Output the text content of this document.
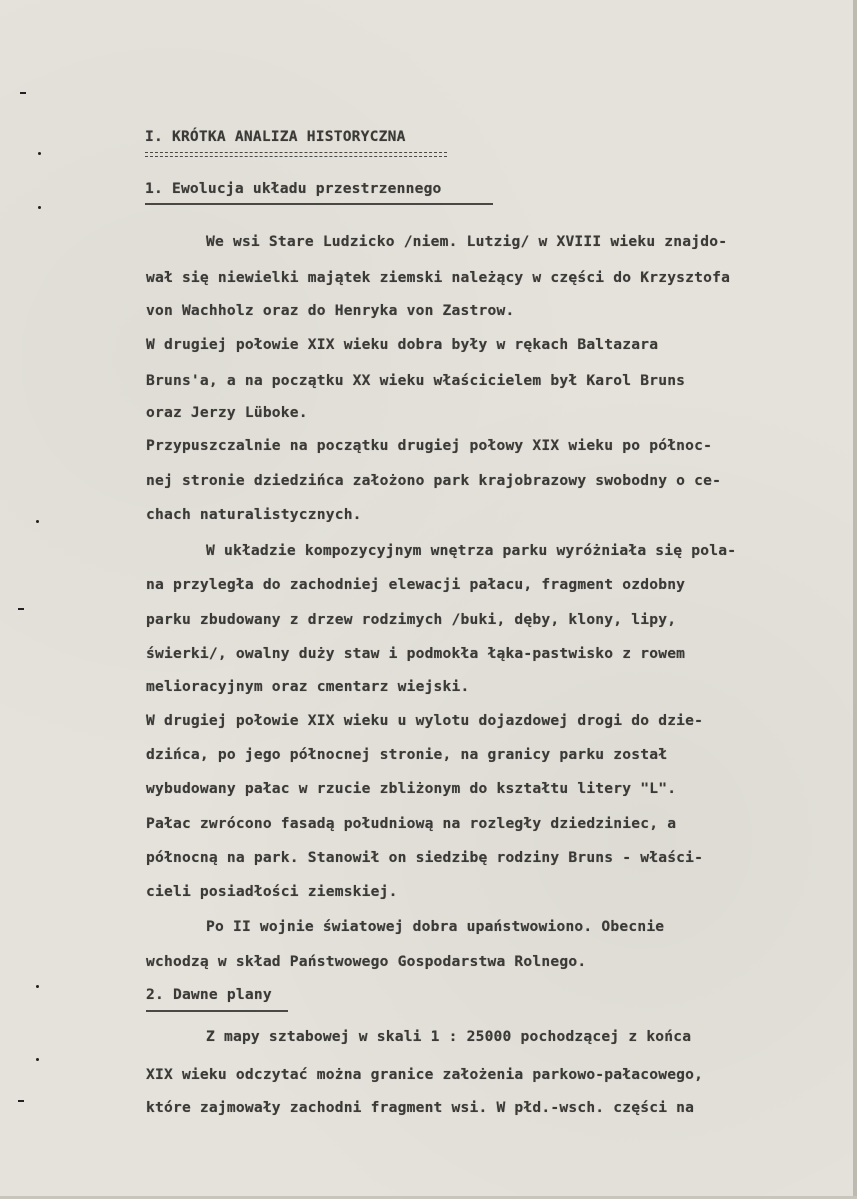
I. KRÓTKA ANALIZA HISTORYCZNA
1. Ewolucja układu przestrzennego
We wsi Stare Ludzicko /niem. Lutzig/ w XVIII wieku znajdo-
wał się niewielki majątek ziemski należący w części do Krzysztofa
von Wachholz oraz do Henryka von Zastrow.
W drugiej połowie XIX wieku dobra były w rękach Baltazara
Bruns'a, a na początku XX wieku właścicielem był Karol Bruns
oraz Jerzy Lüboke.
Przypuszczalnie na początku drugiej połowy XIX wieku po północ-
nej stronie dziedzińca założono park krajobrazowy swobodny o ce-
chach naturalistycznych.
W układzie kompozycyjnym wnętrza parku wyróżniała się pola-
na przyległa do zachodniej elewacji pałacu, fragment ozdobny
parku zbudowany z drzew rodzimych /buki, dęby, klony, lipy,
świerki/, owalny duży staw i podmokła łąka-pastwisko z rowem
melioracyjnym oraz cmentarz wiejski.
W drugiej połowie XIX wieku u wylotu dojazdowej drogi do dzie-
dzińca, po jego północnej stronie, na granicy parku został
wybudowany pałac w rzucie zbliżonym do kształtu litery "L".
Pałac zwrócono fasadą południową na rozległy dziedziniec, a
północną na park. Stanowił on siedzibę rodziny Bruns - właści-
cieli posiadłości ziemskiej.
Po II wojnie światowej dobra upaństwowiono. Obecnie
wchodzą w skład Państwowego Gospodarstwa Rolnego.
2. Dawne plany
Z mapy sztabowej w skali 1 : 25000 pochodzącej z końca
XIX wieku odczytać można granice założenia parkowo-pałacowego,
które zajmowały zachodni fragment wsi. W płd.-wsch. części na
